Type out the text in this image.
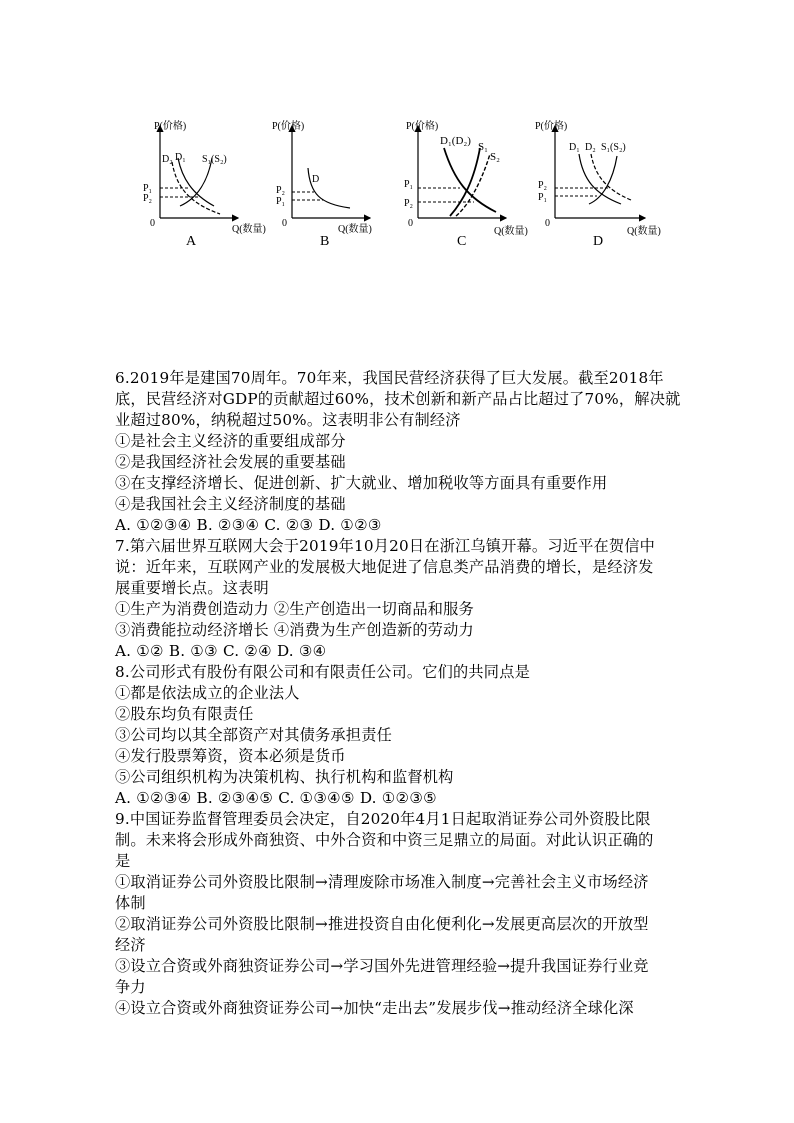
P(价格)
Q(数量)
0
D₂ D₁ S₁(S₂)
P₁
P₂
A
P(价格)
Q(数量)
0
D
P₂
P₁
B
P(价格)
Q(数量)
0
D₁(D₂) S₁
S₂
P₁
P₂
C
P(价格)
Q(数量)
0
D₁ D₂ S₁(S₂)
P₂
P₁
D
6.2019年是建国70周年。70年来，我国民营经济获得了巨大发展。截至2018年
底，民营经济对GDP的贡献超过60%，技术创新和新产品占比超过了70%，解决就
业超过80%，纳税超过50%。这表明非公有制经济
①是社会主义经济的重要组成部分
②是我国经济社会发展的重要基础
③在支撑经济增长、促进创新、扩大就业、增加税收等方面具有重要作用
④是我国社会主义经济制度的基础
A. ①②③④ B. ②③④ C. ②③ D. ①②③
7.第六届世界互联网大会于2019年10月20日在浙江乌镇开幕。习近平在贺信中
说：近年来，互联网产业的发展极大地促进了信息类产品消费的增长，是经济发
展重要增长点。这表明
①生产为消费创造动力 ②生产创造出一切商品和服务
③消费能拉动经济增长 ④消费为生产创造新的劳动力
A. ①② B. ①③ C. ②④ D. ③④
8.公司形式有股份有限公司和有限责任公司。它们的共同点是
①都是依法成立的企业法人
②股东均负有限责任
③公司均以其全部资产对其债务承担责任
④发行股票筹资，资本必须是货币
⑤公司组织机构为决策机构、执行机构和监督机构
A. ①②③④ B. ②③④⑤ C. ①③④⑤ D. ①②③⑤
9.中国证券监督管理委员会决定，自2020年4月1日起取消证券公司外资股比限
制。未来将会形成外商独资、中外合资和中资三足鼎立的局面。对此认识正确的
是
①取消证券公司外资股比限制→清理废除市场准入制度→完善社会主义市场经济
体制
②取消证券公司外资股比限制→推进投资自由化便利化→发展更高层次的开放型
经济
③设立合资或外商独资证券公司→学习国外先进管理经验→提升我国证券行业竞
争力
④设立合资或外商独资证券公司→加快“走出去”发展步伐→推动经济全球化深
